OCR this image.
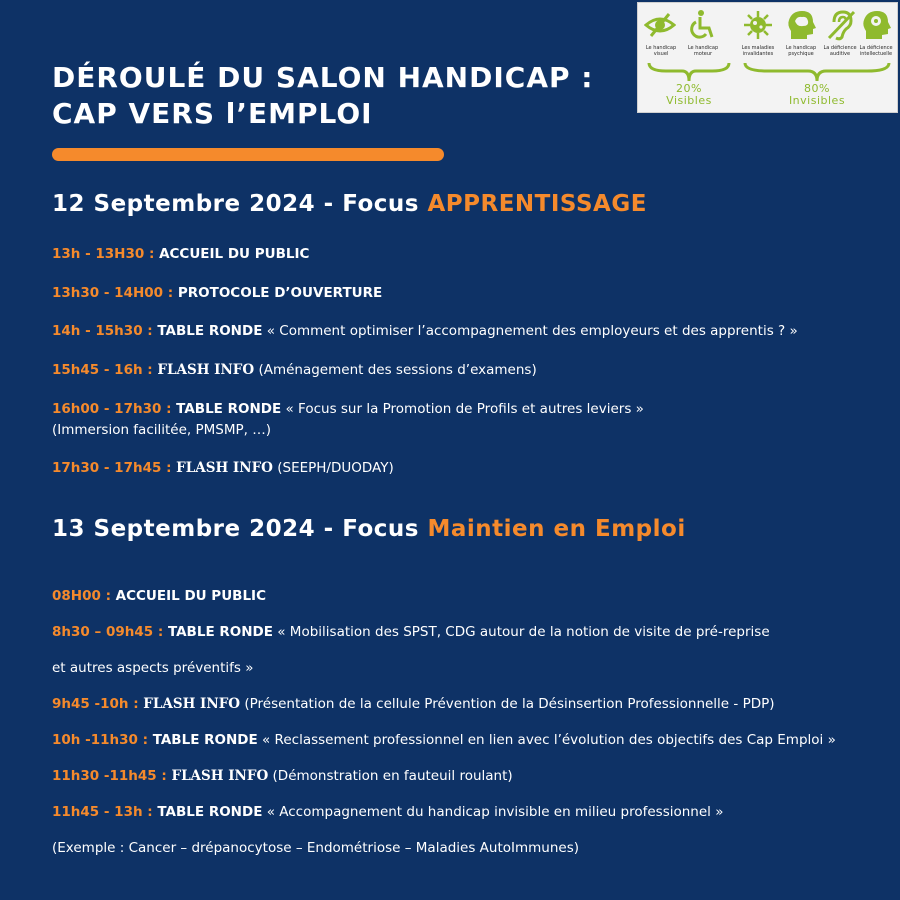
DÉROULÉ DU SALON HANDICAP :
CAP VERS l’EMPLOI
Le handicap visuel
Le handicap moteur
Les maladies invalidantes
Le handicap psychique
La déficience auditive
La déficience intellectuelle
20%
Visibles
80%
Invisibles
12 Septembre 2024 - Focus APPRENTISSAGE
13h - 13H30 : ACCUEIL DU PUBLIC
13h30 - 14H00 : PROTOCOLE D’OUVERTURE
14h - 15h30 : TABLE RONDE « Comment optimiser l’accompagnement des employeurs et des apprentis ? »
15h45 - 16h : FLASH INFO (Aménagement des sessions d’examens)
16h00 - 17h30 : TABLE RONDE « Focus sur la Promotion de Profils et autres leviers »
(Immersion facilitée, PMSMP, …)
17h30 - 17h45 : FLASH INFO (SEEPH/DUODAY)
13 Septembre 2024 - Focus Maintien en Emploi
08H00 : ACCUEIL DU PUBLIC
8h30 – 09h45 : TABLE RONDE « Mobilisation des SPST, CDG autour de la notion de visite de pré-reprise
et autres aspects préventifs »
9h45 -10h : FLASH INFO (Présentation de la cellule Prévention de la Désinsertion Professionnelle - PDP)
10h -11h30 : TABLE RONDE « Reclassement professionnel en lien avec l’évolution des objectifs des Cap Emploi »
11h30 -11h45 : FLASH INFO (Démonstration en fauteuil roulant)
11h45 - 13h : TABLE RONDE « Accompagnement du handicap invisible en milieu professionnel »
(Exemple : Cancer – drépanocytose – Endométriose – Maladies AutoImmunes)
